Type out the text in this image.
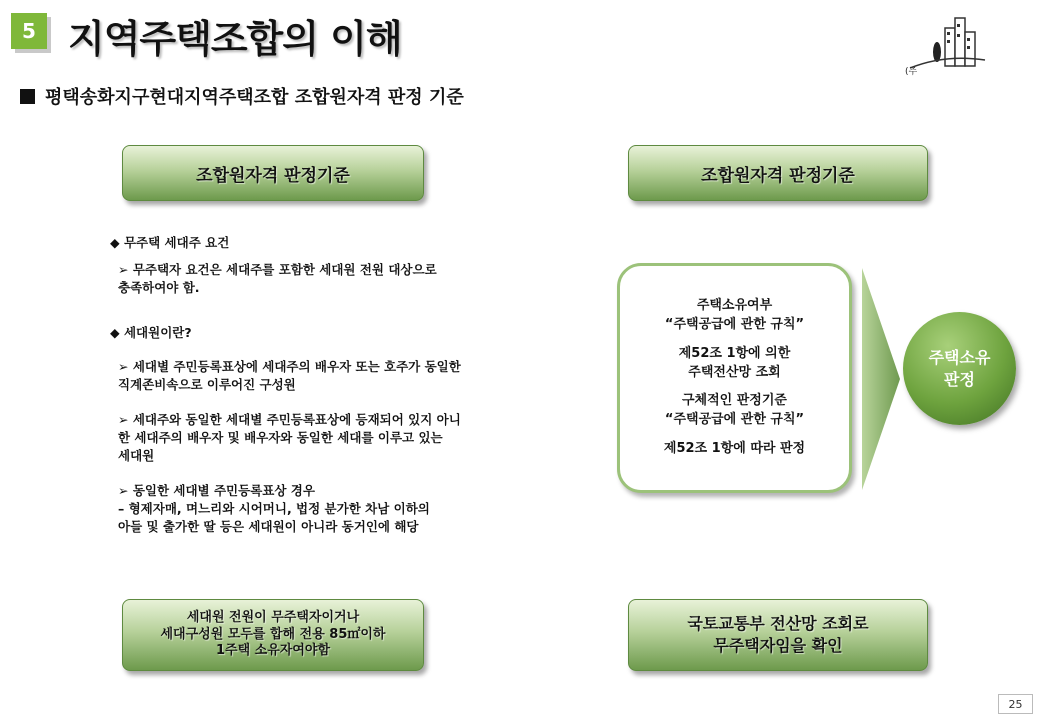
5 지역주택조합의 이해
(주
평택송화지구현대지역주택조합 조합원자격 판정 기준
조합원자격 판정기준	조합원자격 판정기준
◆ 무주택 세대주 요건
➢ 무주택자 요건은 세대주를 포함한 세대원 전원 대상으로
충족하여야 함.
◆ 세대원이란?
➢ 세대별 주민등록표상에 세대주의 배우자 또는 호주가 동일한
직계존비속으로 이루어진 구성원
➢ 세대주와 동일한 세대별 주민등록표상에 등재되어 있지 아니
한 세대주의 배우자 및 배우자와 동일한 세대를 이루고 있는
세대원
➢ 동일한 세대별 주민등록표상 경우
– 형제자매, 며느리와 시어머니, 법정 분가한 차남 이하의
아들 및 출가한 딸 등은 세대원이 아니라 동거인에 해당
세대원 전원이 무주택자이거나
세대구성원 모두를 합해 전용 85㎡이하
1주택 소유자여야함
주택소유여부
“주택공급에 관한 규칙”
제52조 1항에 의한
주택전산망 조회
구체적인 판정기준
“주택공급에 관한 규칙”
제52조 1항에 따라 판정
주택소유
판정
국토교통부 전산망 조회로
무주택자임을 확인
25
